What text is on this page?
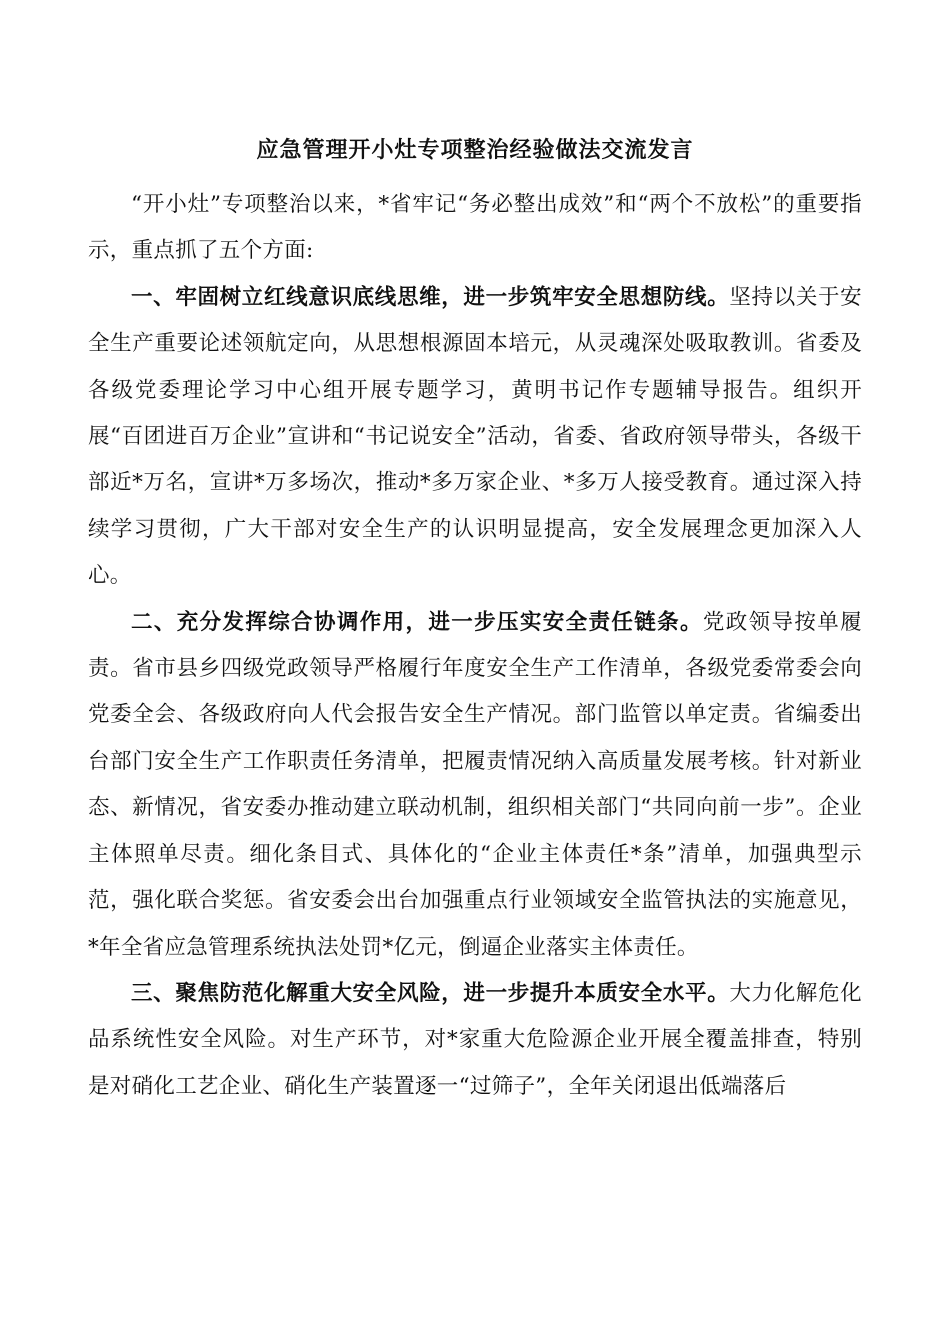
应急管理开小灶专项整治经验做法交流发言

“开小灶”专项整治以来，*省牢记“务必整出成效”和“两个不放松”的重要指示，重点抓了五个方面:

一、牢固树立红线意识底线思维，进一步筑牢安全思想防线。坚持以关于安全生产重要论述领航定向，从思想根源固本培元，从灵魂深处吸取教训。省委及各级党委理论学习中心组开展专题学习，黄明书记作专题辅导报告。组织开展“百团进百万企业”宣讲和“书记说安全”活动，省委、省政府领导带头，各级干部近*万名，宣讲*万多场次，推动*多万家企业、*多万人接受教育。通过深入持续学习贯彻，广大干部对安全生产的认识明显提高，安全发展理念更加深入人心。

二、充分发挥综合协调作用，进一步压实安全责任链条。党政领导按单履责。省市县乡四级党政领导严格履行年度安全生产工作清单，各级党委常委会向党委全会、各级政府向人代会报告安全生产情况。部门监管以单定责。省编委出台部门安全生产工作职责任务清单，把履责情况纳入高质量发展考核。针对新业态、新情况，省安委办推动建立联动机制，组织相关部门“共同向前一步”。企业主体照单尽责。细化条目式、具体化的“企业主体责任*条”清单，加强典型示范，强化联合奖惩。省安委会出台加强重点行业领域安全监管执法的实施意见，*年全省应急管理系统执法处罚*亿元，倒逼企业落实主体责任。

三、聚焦防范化解重大安全风险，进一步提升本质安全水平。大力化解危化品系统性安全风险。对生产环节，对*家重大危险源企业开展全覆盖排查，特别是对硝化工艺企业、硝化生产装置逐一“过筛子”，全年关闭退出低端落后
